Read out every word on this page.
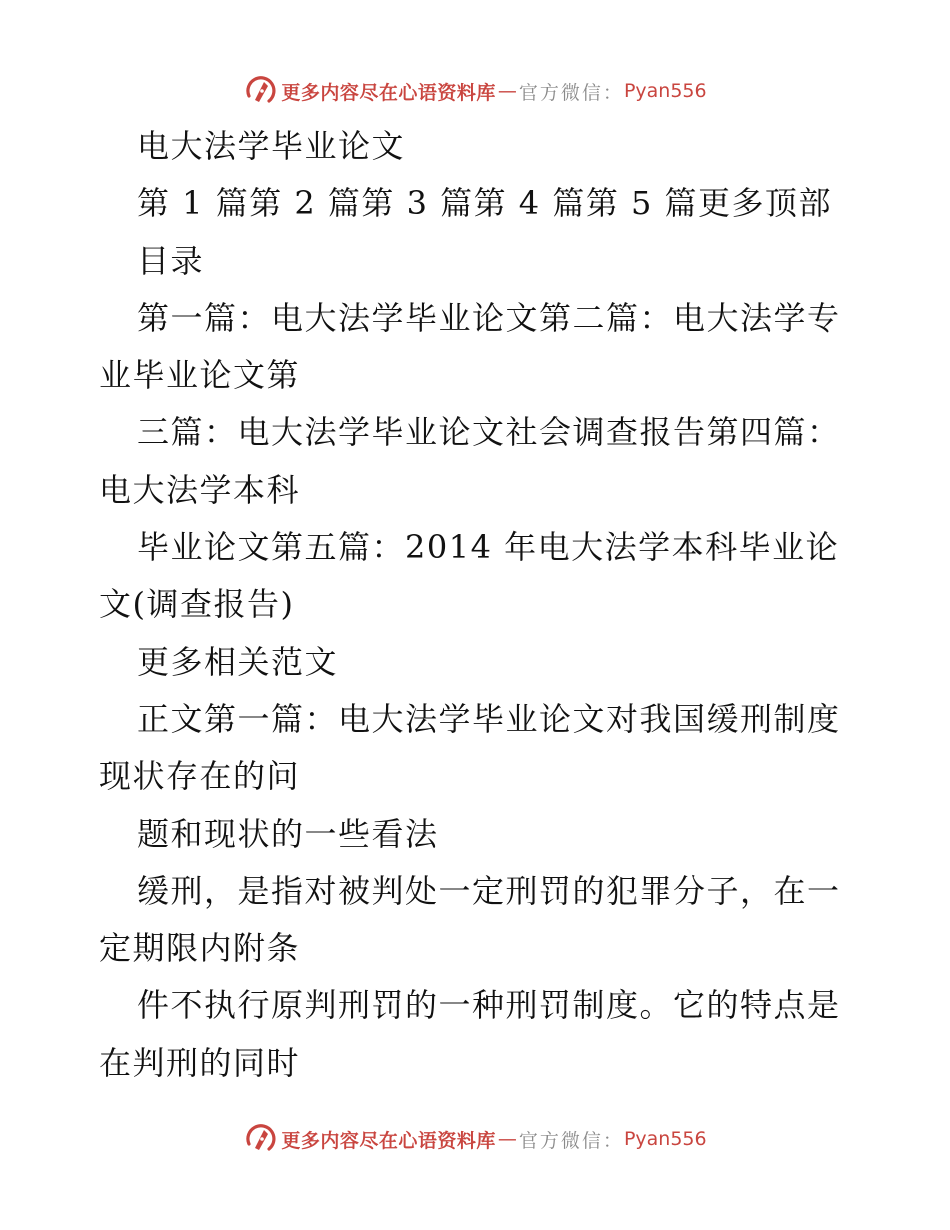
更多内容尽在心语资料库 — 官方微信： Pyan556
电大法学毕业论文
第 1 篇第 2 篇第 3 篇第 4 篇第 5 篇更多顶部
目录
第一篇：电大法学毕业论文第二篇：电大法学专
业毕业论文第
三篇：电大法学毕业论文社会调查报告第四篇：
电大法学本科
毕业论文第五篇：2014 年电大法学本科毕业论
文(调查报告)
更多相关范文
正文第一篇：电大法学毕业论文对我国缓刑制度
现状存在的问
题和现状的一些看法
缓刑，是指对被判处一定刑罚的犯罪分子，在一
定期限内附条
件不执行原判刑罚的一种刑罚制度。它的特点是
在判刑的同时
更多内容尽在心语资料库 — 官方微信： Pyan556
